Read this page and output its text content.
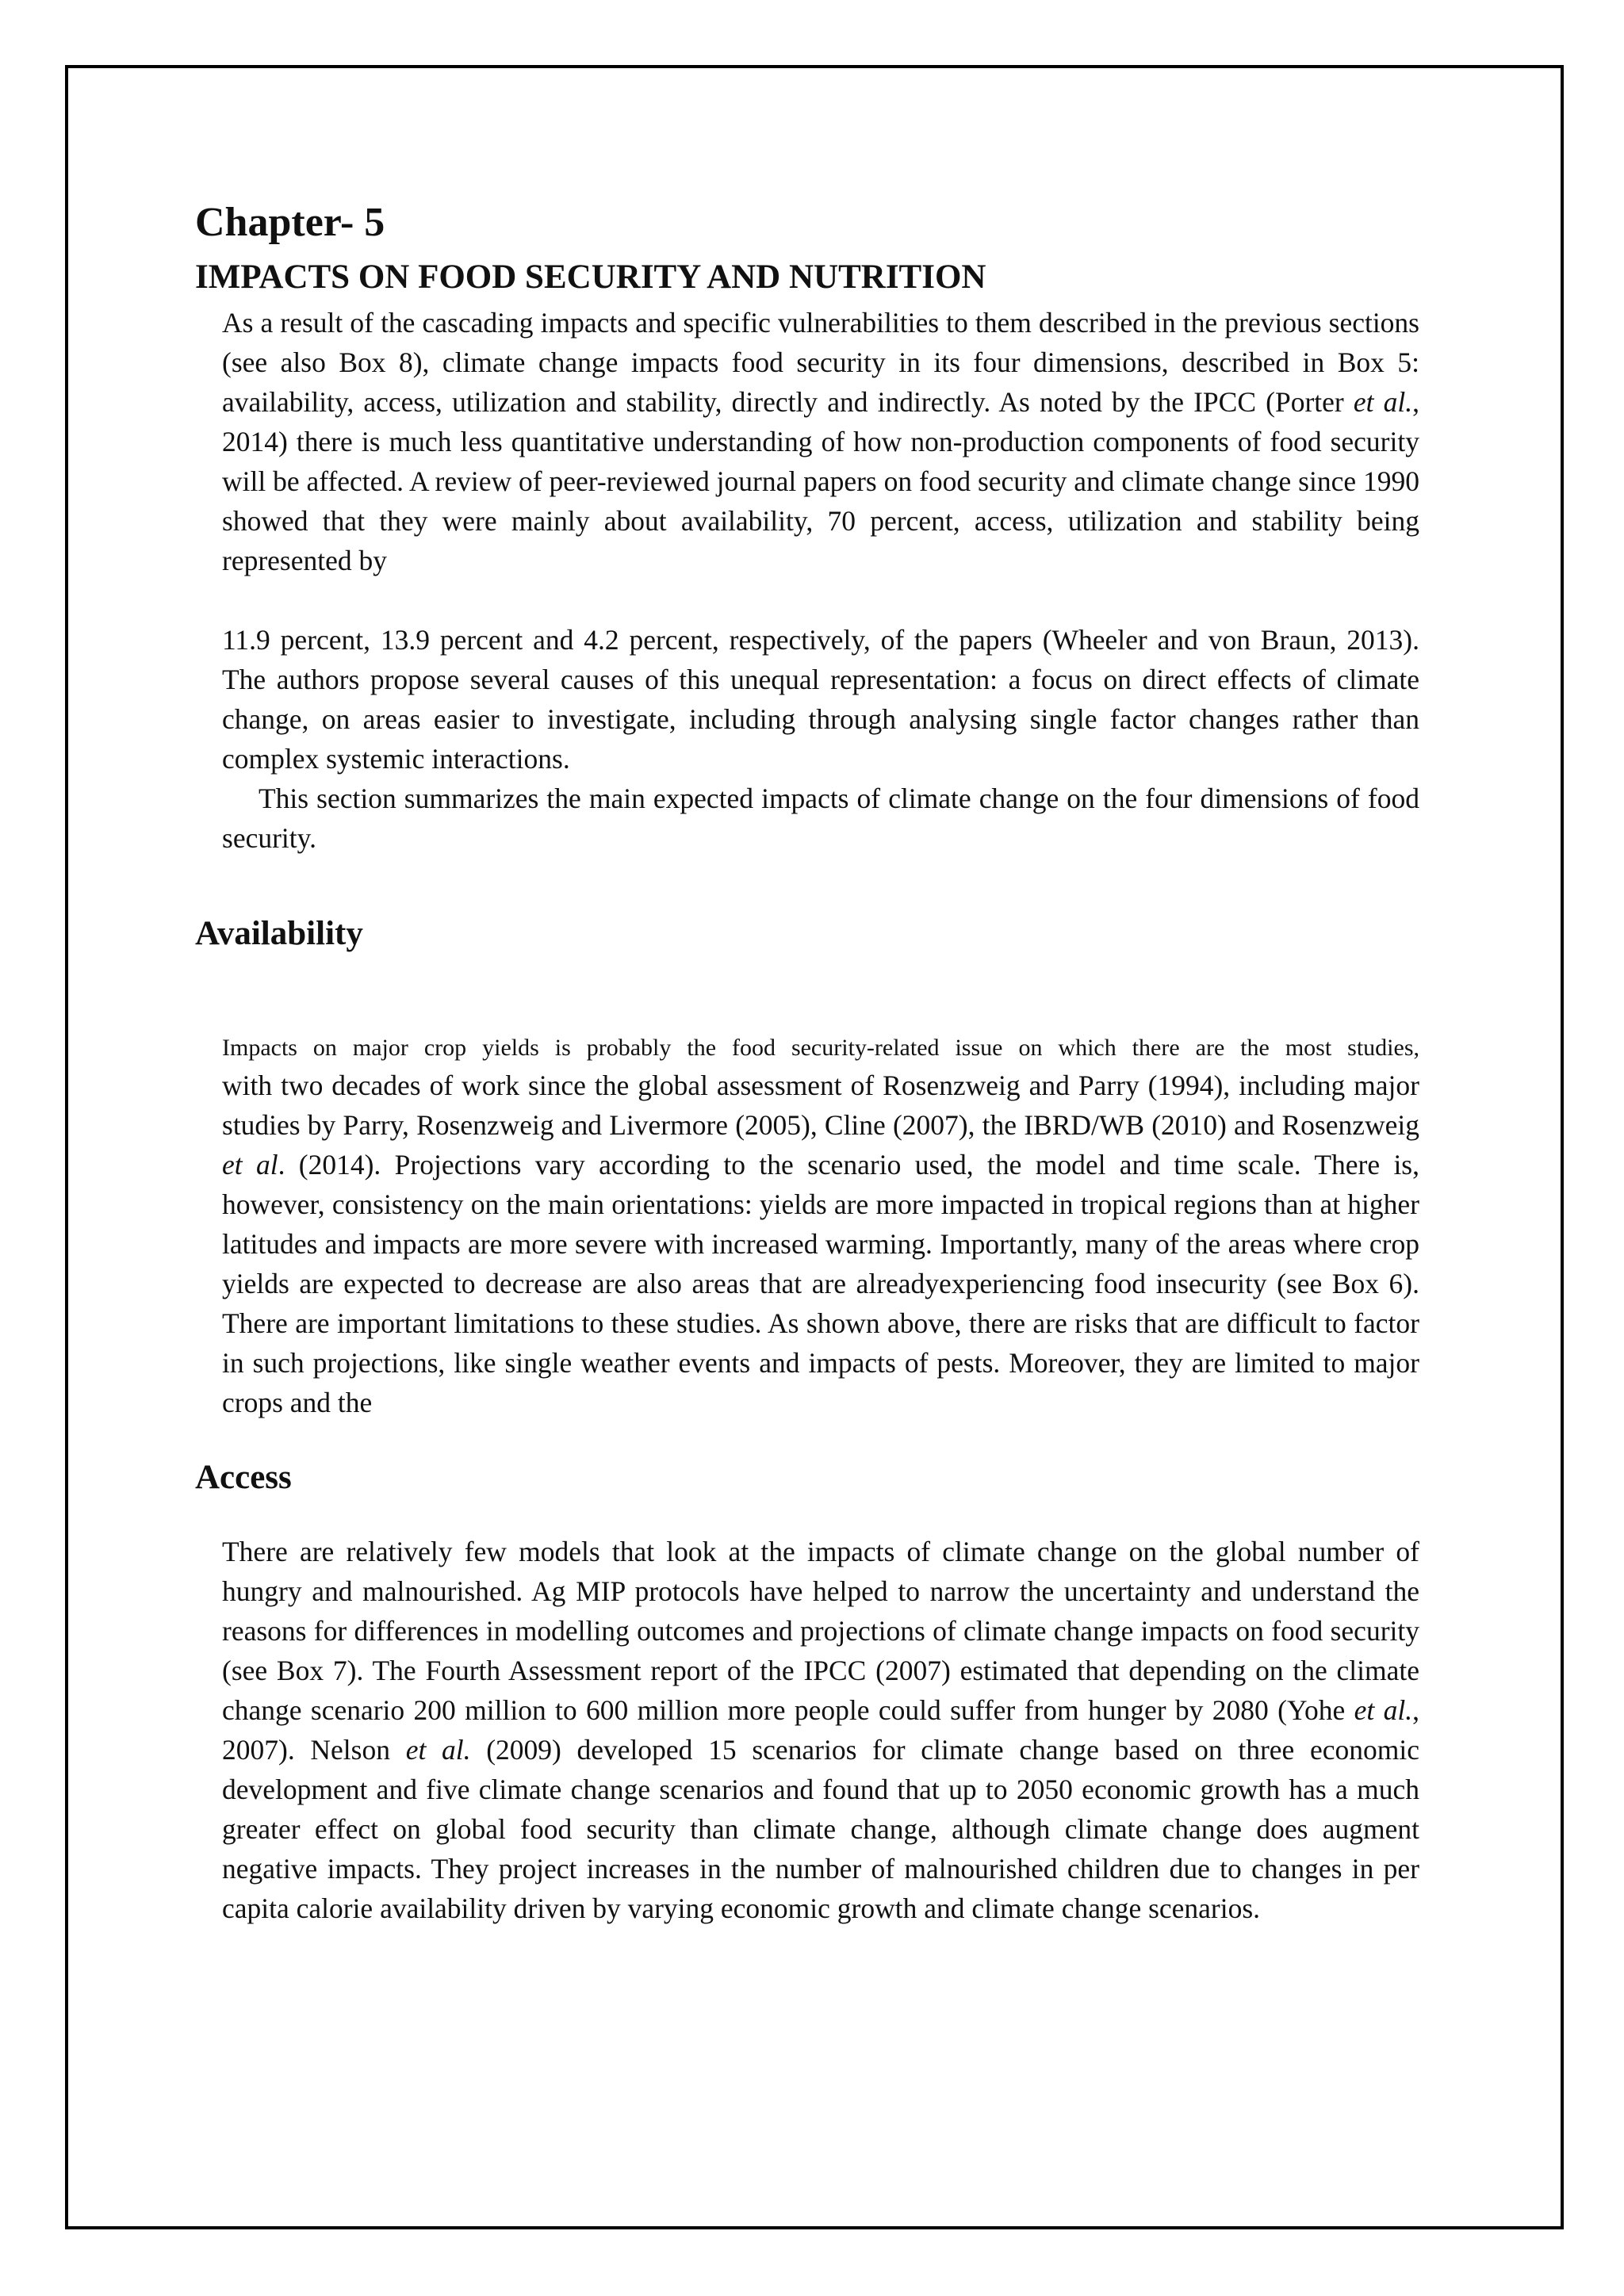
Chapter- 5
IMPACTS ON FOOD SECURITY AND NUTRITION

As a result of the cascading impacts and specific vulnerabilities to them described in the previous sections (see also Box 8), climate change impacts food security in its four dimensions, described in Box 5: availability, access, utilization and stability, directly and indirectly. As noted by the IPCC (Porter et al., 2014) there is much less quantitative understanding of how non-production components of food security will be affected. A review of peer-reviewed journal papers on food security and climate change since 1990 showed that they were mainly about availability, 70 percent, access, utilization and stability being represented by

11.9 percent, 13.9 percent and 4.2 percent, respectively, of the papers (Wheeler and von Braun, 2013). The authors propose several causes of this unequal representation: a focus on direct effects of climate change, on areas easier to investigate, including through analysing single factor changes rather than complex systemic interactions.

This section summarizes the main expected impacts of climate change on the four dimensions of food security.

Availability

Impacts on major crop yields is probably the food security-related issue on which there are the most studies,

with two decades of work since the global assessment of Rosenzweig and Parry (1994), including major studies by Parry, Rosenzweig and Livermore (2005), Cline (2007), the IBRD/WB (2010) and Rosenzweig et al. (2014). Projections vary according to the scenario used, the model and time scale. There is, however, consistency on the main orientations: yields are more impacted in tropical regions than at higher latitudes and impacts are more severe with increased warming. Importantly, many of the areas where crop yields are expected to decrease are also areas that are alreadyexperiencing food insecurity (see Box 6). There are important limitations to these studies. As shown above, there are risks that are difficult to factor in such projections, like single weather events and impacts of pests. Moreover, they are limited to major crops and the

Access

There are relatively few models that look at the impacts of climate change on the global number of hungry and malnourished. Ag MIP protocols have helped to narrow the uncertainty and understand the reasons for differences in modelling outcomes and projections of climate change impacts on food security (see Box 7). The Fourth Assessment report of the IPCC (2007) estimated that depending on the climate change scenario 200 million to 600 million more people could suffer from hunger by 2080 (Yohe et al., 2007). Nelson et al. (2009) developed 15 scenarios for climate change based on three economic development and five climate change scenarios and found that up to 2050 economic growth has a much greater effect on global food security than climate change, although climate change does augment negative impacts. They project increases in the number of malnourished children due to changes in per capita calorie availability driven by varying economic growth and climate change scenarios.
